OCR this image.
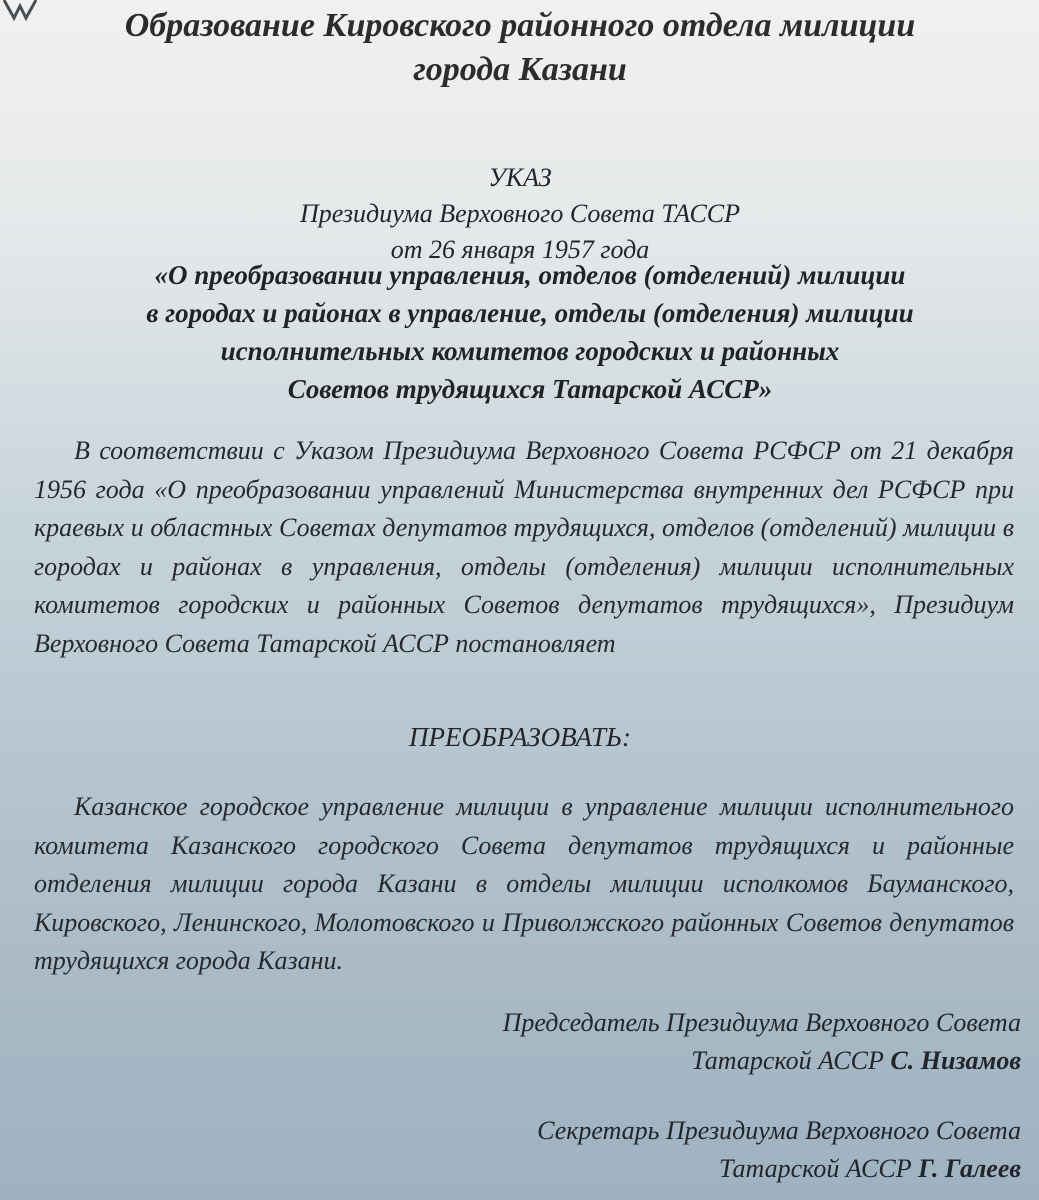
Образование Кировского районного отдела милиции
города Казани
УКАЗ
Президиума Верховного Совета ТАССР
от 26 января 1957 года
«О преобразовании управления, отделов (отделений) милиции
в городах и районах в управление, отделы (отделения) милиции
исполнительных комитетов городских и районных
Советов трудящихся Татарской АССР»
В соответствии с Указом Президиума Верховного Совета РСФСР от 21 декабря 1956 года «О преобразовании управлений Министерства внутренних дел РСФСР при краевых и областных Советах депутатов трудящихся, отделов (отделений) милиции в городах и районах в управления, отделы (отделения) милиции исполнительных комитетов городских и районных Советов депутатов трудящихся», Президиум Верховного Совета Татарской АССР постановляет
ПРЕОБРАЗОВАТЬ:
Казанское городское управление милиции в управление милиции исполнительного комитета Казанского городского Совета депутатов трудящихся и районные отделения милиции города Казани в отделы милиции исполкомов Бауманского, Кировского, Ленинского, Молотовского и Приволжского районных Советов депутатов трудящихся города Казани.
Председатель Президиума Верховного Совета
Татарской АССР С. Низамов
Секретарь Президиума Верховного Совета
Татарской АССР Г. Галеев
